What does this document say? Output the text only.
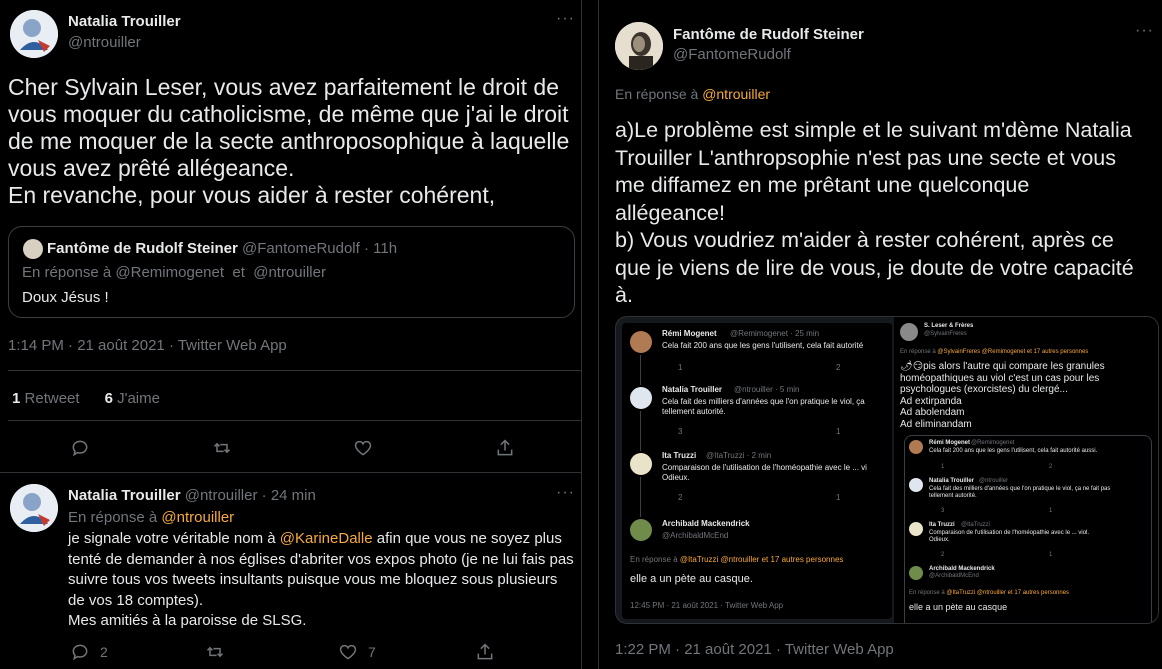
Natalia Trouiller
@ntrouiller
···

Cher Sylvain Leser, vous avez parfaitement le droit de

vous moquer du catholicisme, de même que j'ai le droit

de me moquer de la secte anthroposophique à laquelle

vous avez prêté allégeance.

En revanche, pour vous aider à rester cohérent,

Fantôme de Rudolf Steiner @FantomeRudolf · 11h
En réponse à @Remimogenet et @ntrouiller
Doux Jésus !
1:14 PM · 21 août 2021 · Twitter Web App
1 Retweet 6 J'aime
Natalia Trouiller @ntrouiller · 24 min	···
En réponse à @ntrouiller
je signale votre véritable nom à @KarineDalle afin que vous ne soyez plus
tenté de demander à nos églises d'abriter vos expos photo (je ne lui fais pas
suivre tous vos tweets insultants puisque vous me bloquez sous plusieurs
de vos 18 comptes).
Mes amitiés à la paroisse de SLSG.
2	7
Fantôme de Rudolf Steiner
@FantomeRudolf
···
En réponse à @ntrouiller

a)Le problème est simple et le suivant m'dème Natalia

Trouiller L'anthropsophie n'est pas une secte et vous

me diffamez en me prêtant une quelconque

allégeance!

b) Vous voudriez m'aider à rester cohérent, après ce

que je viens de lire de vous, je doute de votre capacité

à.

Rémi Mogenet @Remimogenet · 25 min
Cela fait 200 ans que les gens l'utilisent, cela fait autorité
1	2
Natalia Trouiller @ntrouiller · 5 min
Cela fait des milliers d'années que l'on pratique le viol, ça
tellement autorité.
3	1
Ita Truzzi @ItaTruzzi · 2 min
Comparaison de l'utilisation de l'homéopathie avec le ... vi
Odieux.
2	1
Archibald Mackendrick
@ArchibaldMcEnd
En réponse à @ItaTruzzi @ntrouiller et 17 autres personnes
elle a un pète au casque.
12:45 PM · 21 août 2021 · Twitter Web App
S. Leser & Frères
@SylvainFreres
En réponse à @SylvainFreres @Remimogenet et 17 autres personnes
🌶😏pis alors l'autre qui compare les granules
homéopathiques au viol c'est un cas pour les
psychologues (exorcistes) du clergé...
Ad extirpanda
Ad abolendam
Ad eliminandam
Rémi Mogenet @Remimogenet
Cela fait 200 ans que les gens l'utilisent, cela fait autorité aussi.
1	2
Natalia Trouiller @ntrouiller
Cela fait des milliers d'années que l'on pratique le viol, ça ne fait pas
tellement autorité.
3	1
Ita Truzzi @ItaTruzzi
Comparaison de l'utilisation de l'homéopathie avec le ... viol.
Odieux.
2	1
Archibald Mackendrick
@ArchibaldMcEnd
En réponse à @ItaTruzzi @ntrouiller et 17 autres personnes
elle a un pète au casque
1:22 PM · 21 août 2021 · Twitter Web App
